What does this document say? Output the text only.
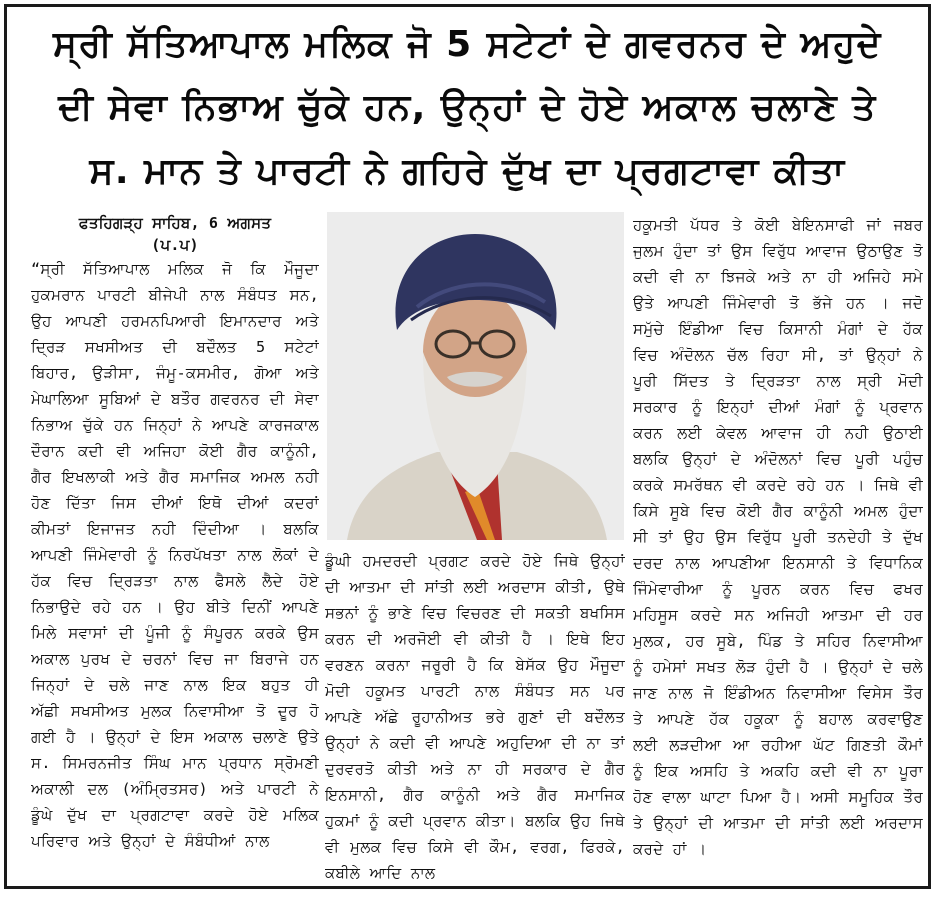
ਸ੍ਰੀ ਸੱਤਿਆਪਾਲ ਮਲਿਕ ਜੋ 5 ਸਟੇਟਾਂ ਦੇ ਗਵਰਨਰ ਦੇ ਅਹੁਦੇ
ਦੀ ਸੇਵਾ ਨਿਭਾਅ ਚੁੱਕੇ ਹਨ, ਉਨ੍ਹਾਂ ਦੇ ਹੋਏ ਅਕਾਲ ਚਲਾਣੇ ਤੇ
ਸ. ਮਾਨ ਤੇ ਪਾਰਟੀ ਨੇ ਗਹਿਰੇ ਦੁੱਖ ਦਾ ਪ੍ਰਗਟਾਵਾ ਕੀਤਾ
ਫਤਹਿਗੜ੍ਹ ਸਾਹਿਬ, 6 ਅਗਸਤ
(ਪ.ਪ)

“ਸ੍ਰੀ ਸੱਤਿਆਪਾਲ ਮਲਿਕ ਜੋ ਕਿ ਮੌਜੂਦਾ ਹੁਕਮਰਾਨ ਪਾਰਟੀ ਬੀਜੇਪੀ ਨਾਲ ਸੰਬੰਧਤ ਸਨ, ਉਹ ਆਪਣੀ ਹਰਮਨਪਿਆਰੀ ਇਮਾਨਦਾਰ ਅਤੇ ਦ੍ਰਿੜ ਸਖਸੀਅਤ ਦੀ ਬਦੌਲਤ 5 ਸਟੇਟਾਂ ਬਿਹਾਰ, ਉੜੀਸਾ, ਜੰਮੂ-ਕਸਮੀਰ, ਗੋਆ ਅਤੇ ਮੇਘਾਲਿਆ ਸੂਬਿਆਂ ਦੇ ਬਤੌਰ ਗਵਰਨਰ ਦੀ ਸੇਵਾ ਨਿਭਾਅ ਚੁੱਕੇ ਹਨ ਜਿਨ੍ਹਾਂ ਨੇ ਆਪਣੇ ਕਾਰਜਕਾਲ ਦੌਰਾਨ ਕਦੀ ਵੀ ਅਜਿਹਾ ਕੋਈ ਗੈਰ ਕਾਨੂੰਨੀ, ਗੈਰ ਇਖਲਾਕੀ ਅਤੇ ਗੈਰ ਸਮਾਜਿਕ ਅਮਲ ਨਹੀ ਹੋਣ ਦਿੱਤਾ ਜਿਸ ਦੀਆਂ ਇਥੋ ਦੀਆਂ ਕਦਰਾਂ ਕੀਮਤਾਂ ਇਜਾਜਤ ਨਹੀ ਦਿੰਦੀਆ । ਬਲਕਿ ਆਪਣੀ ਜਿੰਮੇਵਾਰੀ ਨੂੰ ਨਿਰਪੱਖਤਾ ਨਾਲ ਲੋਕਾਂ ਦੇ ਹੱਕ ਵਿਚ ਦ੍ਰਿੜਤਾ ਨਾਲ ਫੈਸਲੇ ਲੈਦੇ ਹੋਏ ਨਿਭਾਉਦੇ ਰਹੇ ਹਨ । ਉਹ ਬੀਤੇ ਦਿਨੀਂ ਆਪਣੇ ਮਿਲੇ ਸਵਾਸਾਂ ਦੀ ਪੂੰਜੀ ਨੂੰ ਸੰਪੂਰਨ ਕਰਕੇ ਉਸ ਅਕਾਲ ਪੁਰਖ ਦੇ ਚਰਨਾਂ ਵਿਚ ਜਾ ਬਿਰਾਜੇ ਹਨ ਜਿਨ੍ਹਾਂ ਦੇ ਚਲੇ ਜਾਣ ਨਾਲ ਇਕ ਬਹੁਤ ਹੀ ਅੱਛੀ ਸਖਸੀਅਤ ਮੁਲਕ ਨਿਵਾਸੀਆ ਤੋ ਦੂਰ ਹੋ ਗਈ ਹੈ । ਉਨ੍ਹਾਂ ਦੇ ਇਸ ਅਕਾਲ ਚਲਾਣੇ ਉਤੇ ਸ. ਸਿਮਰਨਜੀਤ ਸਿੰਘ ਮਾਨ ਪ੍ਰਧਾਨ ਸ੍ਰੋਮਣੀ ਅਕਾਲੀ ਦਲ (ਅੰਮ੍ਰਿਤਸਰ) ਅਤੇ ਪਾਰਟੀ ਨੇ ਡੂੰਘੇ ਦੁੱਖ ਦਾ ਪ੍ਰਗਟਾਵਾ ਕਰਦੇ ਹੋਏ ਮਲਿਕ ਪਰਿਵਾਰ ਅਤੇ ਉਨ੍ਹਾਂ ਦੇ ਸੰਬੰਧੀਆਂ ਨਾਲ

ਡੂੰਘੀ ਹਮਦਰਦੀ ਪ੍ਰਗਟ ਕਰਦੇ ਹੋਏ ਜਿਥੇ ਉਨ੍ਹਾਂ ਦੀ ਆਤਮਾ ਦੀ ਸਾਂਤੀ ਲਈ ਅਰਦਾਸ ਕੀਤੀ, ਉਥੇ ਸਭਨਾਂ ਨੂੰ ਭਾਣੇ ਵਿਚ ਵਿਚਰਣ ਦੀ ਸਕਤੀ ਬਖਸਿਸ ਕਰਨ ਦੀ ਅਰਜੋਈ ਵੀ ਕੀਤੀ ਹੈ । ਇਥੇ ਇਹ ਵਰਣਨ ਕਰਨਾ ਜਰੂਰੀ ਹੈ ਕਿ ਬੇਸੱਕ ਉਹ ਮੌਜੂਦਾ ਮੋਦੀ ਹਕੂਮਤ ਪਾਰਟੀ ਨਾਲ ਸੰਬੰਧਤ ਸਨ ਪਰ ਆਪਣੇ ਅੱਛੇ ਰੂਹਾਨੀਅਤ ਭਰੇ ਗੁਣਾਂ ਦੀ ਬਦੌਲਤ ਉਨ੍ਹਾਂ ਨੇ ਕਦੀ ਵੀ ਆਪਣੇ ਅਹੁਦਿਆ ਦੀ ਨਾ ਤਾਂ ਦੁਰਵਰਤੋ ਕੀਤੀ ਅਤੇ ਨਾ ਹੀ ਸਰਕਾਰ ਦੇ ਗੈਰ ਇਨਸਾਨੀ, ਗੈਰ ਕਾਨੂੰਨੀ ਅਤੇ ਗੈਰ ਸਮਾਜਿਕ ਹੁਕਮਾਂ ਨੂੰ ਕਦੀ ਪ੍ਰਵਾਨ ਕੀਤਾ। ਬਲਕਿ ਉਹ ਜਿਥੇ ਵੀ ਮੁਲਕ ਵਿਚ ਕਿਸੇ ਵੀ ਕੌਮ, ਵਰਗ, ਫਿਰਕੇ, ਕਬੀਲੇ ਆਦਿ ਨਾਲ

ਹਕੂਮਤੀ ਪੱਧਰ ਤੇ ਕੋਈ ਬੇਇਨਸਾਫੀ ਜਾਂ ਜਬਰ ਜੁਲਮ ਹੁੰਦਾ ਤਾਂ ਉਸ ਵਿਰੁੱਧ ਆਵਾਜ ਉਠਾਉਣ ਤੋ ਕਦੀ ਵੀ ਨਾ ਝਿਜਕੇ ਅਤੇ ਨਾ ਹੀ ਅਜਿਹੇ ਸਮੇ ਉਤੇ ਆਪਣੀ ਜਿੰਮੇਵਾਰੀ ਤੋ ਭੱਜੇ ਹਨ । ਜਦੋ ਸਮੁੱਚੇ ਇੰਡੀਆ ਵਿਚ ਕਿਸਾਨੀ ਮੰਗਾਂ ਦੇ ਹੱਕ ਵਿਚ ਅੰਦੋਲਨ ਚੱਲ ਰਿਹਾ ਸੀ, ਤਾਂ ਉਨ੍ਹਾਂ ਨੇ ਪੂਰੀ ਸਿੱਦਤ ਤੇ ਦ੍ਰਿੜਤਾ ਨਾਲ ਸ੍ਰੀ ਮੋਦੀ ਸਰਕਾਰ ਨੂੰ ਇਨ੍ਹਾਂ ਦੀਆਂ ਮੰਗਾਂ ਨੂੰ ਪ੍ਰਵਾਨ ਕਰਨ ਲਈ ਕੇਵਲ ਆਵਾਜ ਹੀ ਨਹੀ ਉਠਾਈ ਬਲਕਿ ਉਨ੍ਹਾਂ ਦੇ ਅੰਦੋਲਨਾਂ ਵਿਚ ਪੂਰੀ ਪਹੁੰਚ ਕਰਕੇ ਸਮਰੱਥਨ ਵੀ ਕਰਦੇ ਰਹੇ ਹਨ । ਜਿਥੇ ਵੀ ਕਿਸੇ ਸੂਬੇ ਵਿਚ ਕੋਈ ਗੈਰ ਕਾਨੂੰਨੀ ਅਮਲ ਹੁੰਦਾ ਸੀ ਤਾਂ ਉਹ ਉਸ ਵਿਰੁੱਧ ਪੂਰੀ ਤਨਦੇਹੀ ਤੇ ਦੁੱਖ ਦਰਦ ਨਾਲ ਆਪਣੀਆ ਇਨਸਾਨੀ ਤੇ ਵਿਧਾਨਿਕ ਜਿੰਮੇਵਾਰੀਆ ਨੂੰ ਪੂਰਨ ਕਰਨ ਵਿਚ ਫਖਰ ਮਹਿਸੂਸ ਕਰਦੇ ਸਨ ਅਜਿਹੀ ਆਤਮਾ ਦੀ ਹਰ ਮੁਲਕ, ਹਰ ਸੂਬੇ, ਪਿੰਡ ਤੇ ਸਹਿਰ ਨਿਵਾਸੀਆ ਨੂੰ ਹਮੇਸਾਂ ਸਖਤ ਲੋੜ ਹੁੰਦੀ ਹੈ । ਉਨ੍ਹਾਂ ਦੇ ਚਲੇ ਜਾਣ ਨਾਲ ਜੋ ਇੰਡੀਅਨ ਨਿਵਾਸੀਆ ਵਿਸੇਸ ਤੌਰ ਤੇ ਆਪਣੇ ਹੱਕ ਹਕੂਕਾ ਨੂੰ ਬਹਾਲ ਕਰਵਾਉਣ ਲਈ ਲੜਦੀਆ ਆ ਰਹੀਆ ਘੱਟ ਗਿਣਤੀ ਕੌਮਾਂ ਨੂੰ ਇਕ ਅਸਹਿ ਤੇ ਅਕਹਿ ਕਦੀ ਵੀ ਨਾ ਪੂਰਾ ਹੋਣ ਵਾਲਾ ਘਾਟਾ ਪਿਆ ਹੈ। ਅਸੀ ਸਮੂਹਿਕ ਤੌਰ ਤੇ ਉਨ੍ਹਾਂ ਦੀ ਆਤਮਾ ਦੀ ਸਾਂਤੀ ਲਈ ਅਰਦਾਸ ਕਰਦੇ ਹਾਂ ।
